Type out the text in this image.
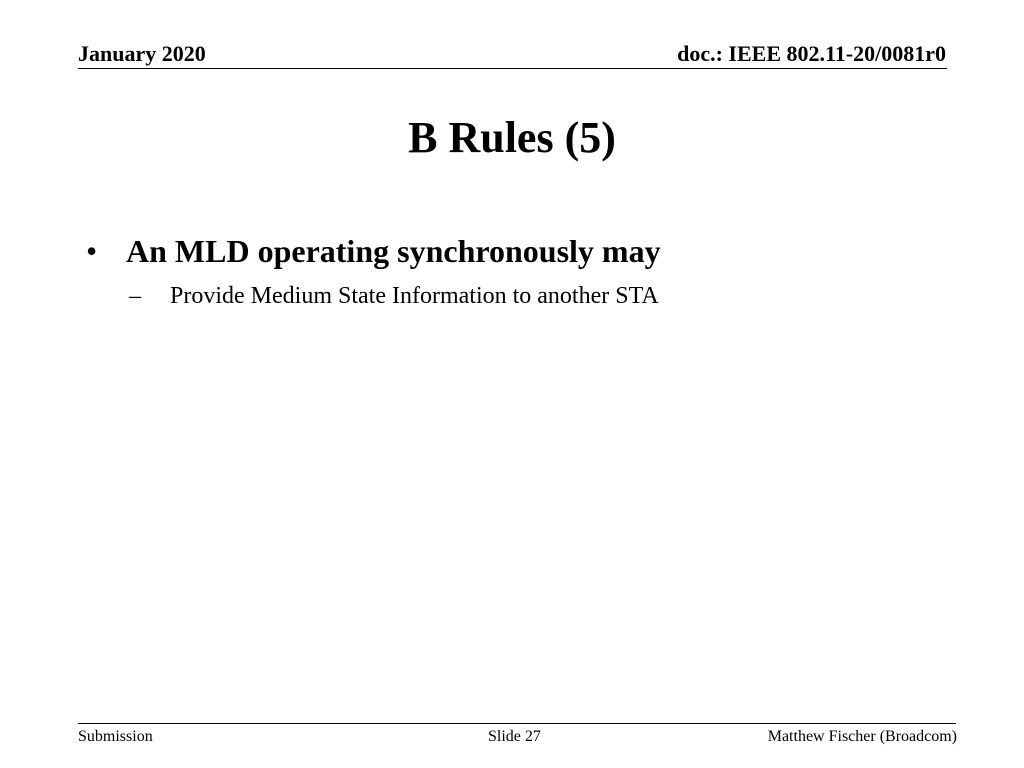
January 2020	doc.: IEEE 802.11-20/0081r0
B Rules (5)
• An MLD operating synchronously may
– Provide Medium State Information to another STA
Submission	Slide 27	Matthew Fischer (Broadcom)
